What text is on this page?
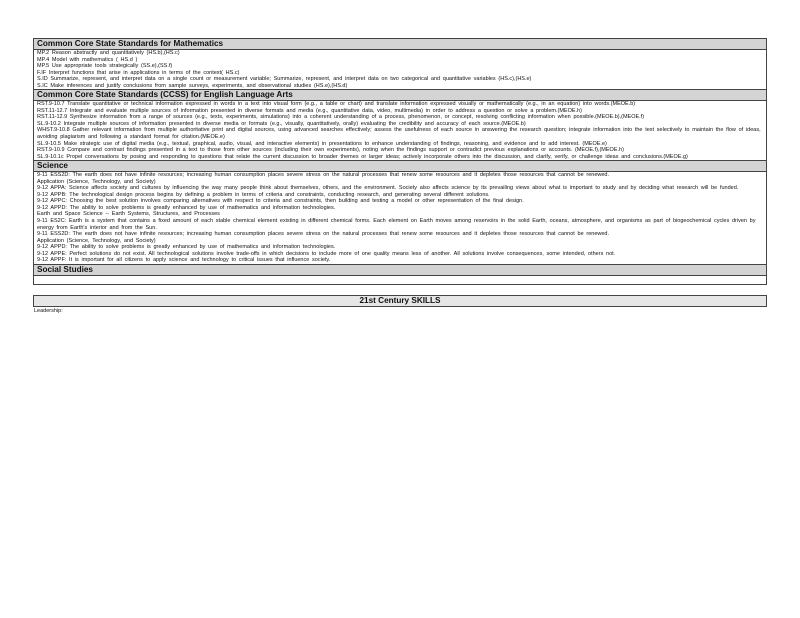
Common Core State Standards for Mathematics
MP.2 Reason abstractly and quantitatively (HS.b),(HS.c)
MP.4 Model with mathematics ( HS.d )
MP.5 Use appropriate tools strategically (SS.e),(SS.f)
F.IF Interpret functions that arise in applications in terms of the context( HS.c)
S.ID Summarize, represent, and interpret data on a single count or measurement variable; Summarize, represent, and interpret data on two categorical and quantitative variables (HS.c),(HS.e)
S.IC Make inferences and justify conclusions from sample surveys, experiments, and observational studies (HS.e),(HS.d)
Common Core State Standards (CCSS) for English Language Arts
RST.9-10.7 Translate quantitative or technical information expressed in words in a text into visual form (e.g., a table or chart) and translate information expressed visually or mathematically (e.g., in an equation) into words.(MEOE.b)
RST.11-12.7 Integrate and evaluate multiple sources of information presented in diverse formats and media (e.g., quantitative data, video, multimedia) in order to address a question or solve a problem.(MEOE.h)
RST.11-12.9 Synthesize information from a range of sources (e.g., texts, experiments, simulations) into a coherent understanding of a process, phenomenon, or concept, resolving conflicting information when possible.(MEOE.b),(MEOE.f)
SL.9-10.2 Integrate multiple sources of information presented in diverse media or formats (e.g., visually, quantitatively, orally) evaluating the credibility and accuracy of each source.(MEOE.b)
WHST.9-10.8 Gather relevant information from multiple authoritative print and digital sources, using advanced searches effectively; assess the usefulness of each source in answering the research question; integrate information into the text selectively to maintain the flow of ideas, avoiding plagiarism and following a standard format for citation.(MEOE.e)
SL.9-10.5 Make strategic use of digital media (e.g., textual, graphical, audio, visual, and interactive elements) in presentations to enhance understanding of findings, reasoning, and evidence and to add interest. (MEOE.e)
RST.9-10.9 Compare and contrast findings presented in a text to those from other sources (including their own experiments), noting when the findings support or contradict previous explanations or accounts. (MEOE.f),(MEOE.h)
SL.9-10.1c Propel conversations by posing and responding to questions that relate the current discussion to broader themes or larger ideas; actively incorporate others into the discussion, and clarify, verify, or challenge ideas and conclusions.(MEOE.g)
Science
9-11 ESS2D: The earth does not have infinite resources; increasing human consumption places severe stress on the natural processes that renew some resources and it depletes those resources that cannot be renewed.
Application (Science, Technology, and Society)
9-12 APPA: Science affects society and cultures by influencing the way many people think about themselves, others, and the environment. Society also affects science by its prevailing views about what is important to study and by deciding what research will be funded.
9-12 APPB: The technological design process begins by defining a problem in terms of criteria and constraints, conducting research, and generating several different solutions.
9-12 APPC: Choosing the best solution involves comparing alternatives with respect to criteria and constraints, then building and testing a model or other representation of the final design.
9-12 APPD: The ability to solve problems is greatly enhanced by use of mathematics and information technologies.
Earth and Space Science -- Earth Systems, Structures, and Processes
9-11 ES2C: Earth is a system that contains a fixed amount of each stable chemical element existing in different chemical forms. Each element on Earth moves among reservoirs in the solid Earth, oceans, atmosphere, and organisms as part of biogeochemical cycles driven by energy from Earth's interior and from the Sun.
9-11 ESS2D: The earth does not have infinite resources; increasing human consumption places severe stress on the natural processes that renew some resources and it depletes those resources that cannot be renewed.
Application (Science, Technology, and Society)
9-12 APPD: The ability to solve problems is greatly enhanced by use of mathematics and information technologies.
9-12 APPE: Perfect solutions do not exist. All technological solutions involve trade-offs in which decisions to include more of one quality means less of another. All solutions involve consequences, some intended, others not.
9-12 APPF: It is important for all citizens to apply science and technology to critical issues that influence society.
Social Studies
21st Century SKILLS
Leadership:
